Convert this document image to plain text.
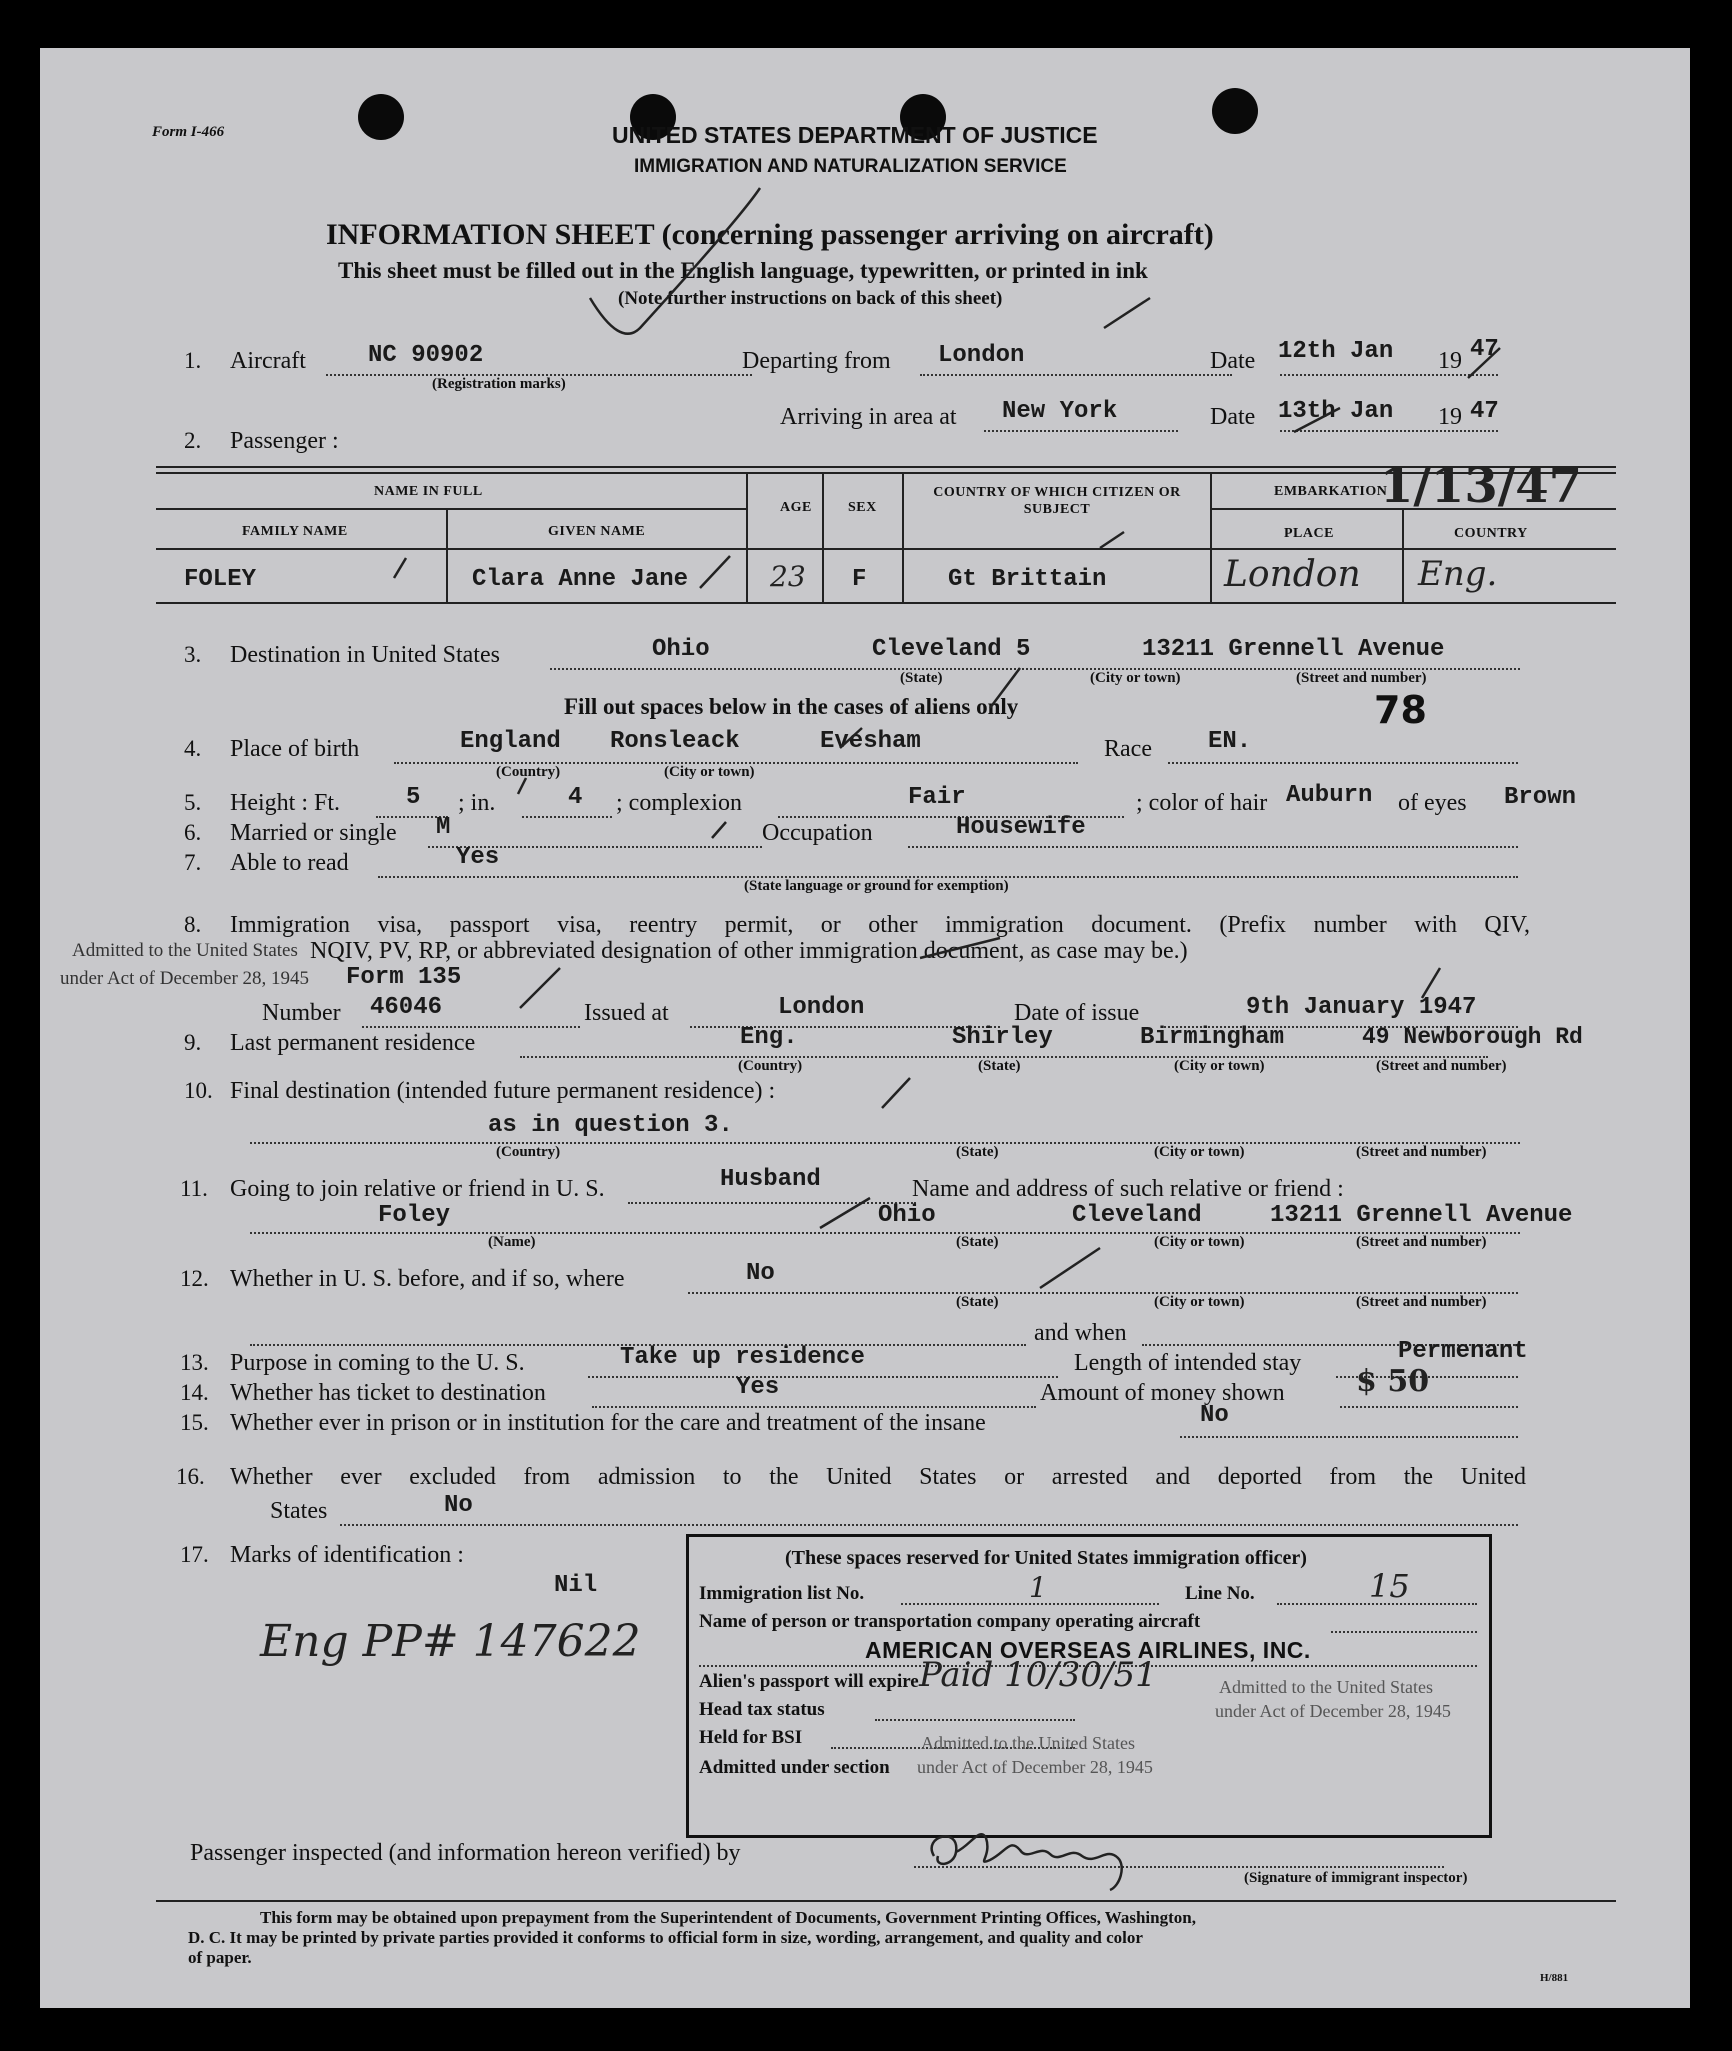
Form I-466	UNITED STATES DEPARTMENT OF JUSTICE
IMMIGRATION AND NATURALIZATION SERVICE
INFORMATION SHEET (concerning passenger arriving on aircraft)
This sheet must be filled out in the English language, typewritten, or printed in ink
(Note further instructions on back of this sheet)
1. Aircraft	NC 90902
(Registration marks)
Departing from London	Date 12th Jan 19 47
Arriving in area at New York	Date 13th Jan 19 47
2. Passenger :
NAME IN FULL
FAMILY NAME	GIVEN NAME
AGE	SEX
COUNTRY OF WHICH CITIZEN OR SUBJECT
EMBARKATION
PLACE	COUNTRY
FOLEY	Clara Anne Jane	23 F	Gt Brittain	London Eng.
1/13/47
3. Destination in United States	Ohio	Cleveland 5	13211 Grennell Avenue
(State)	(City or town)	(Street and number)
Fill out spaces below in the cases of aliens only	78
4. Place of birth	England Ronsleack	Evesham
(Country)	(City or town)
Race EN.
5. Height : Ft.	5 ; in.	4 ; complexion	Fair	; color of hair Auburn of eyes Brown
6. Married or single M	Occupation	Housewife
7. Able to read	Yes
(State language or ground for exemption)
8. Immigration visa, passport visa, reentry permit, or other immigration document. (Prefix number with QIV,
NQIV, PV, RP, or abbreviated designation of other immigration document, as case may be.)
Admitted to the United States
under Act of December 28, 1945 Form 135
Number 46046	Issued at	London	Date of issue	9th January 1947
9. Last permanent residence	Eng.	Shirley	Birmingham	49 Newborough Rd
(Country)	(State)	(City or town)	(Street and number)
10. Final destination (intended future permanent residence) :
as in question 3.
(Country)	(State)	(City or town)	(Street and number)
11. Going to join relative or friend in U. S.	Husband	Name and address of such relative or friend :
Foley	Ohio	Cleveland	13211 Grennell Avenue
(Name)	(State)	(City or town)	(Street and number)
12. Whether in U. S. before, and if so, where	No
(State)	(City or town)	(Street and number)
and when
13. Purpose in coming to the U. S.	Take up residence	Length of intended stay	Permenant
14. Whether has ticket to destination	Yes	Amount of money shown $ 50
15. Whether ever in prison or in institution for the care and treatment of the insane	No
16. Whether ever excluded from admission to the United States or arrested and deported from the United
States	No
17. Marks of identification :
Nil
Eng PP# 147622
(These spaces reserved for United States immigration officer)
Immigration list No.	1	Line No.	15
Name of person or transportation company operating aircraft
AMERICAN OVERSEAS AIRLINES, INC.
Alien's passport will expire Paid 10/30/51
Head tax status
Held for BSI
Admitted under section
Admitted to the United States
under Act of December 28, 1945
Admitted to the United States
under Act of December 28, 1945
Passenger inspected (and information hereon verified) by
(Signature of immigrant inspector)
This form may be obtained upon prepayment from the Superintendent of Documents, Government Printing Offices, Washington,
D. C. It may be printed by private parties provided it conforms to official form in size, wording, arrangement, and quality and color
of paper.
H/881
